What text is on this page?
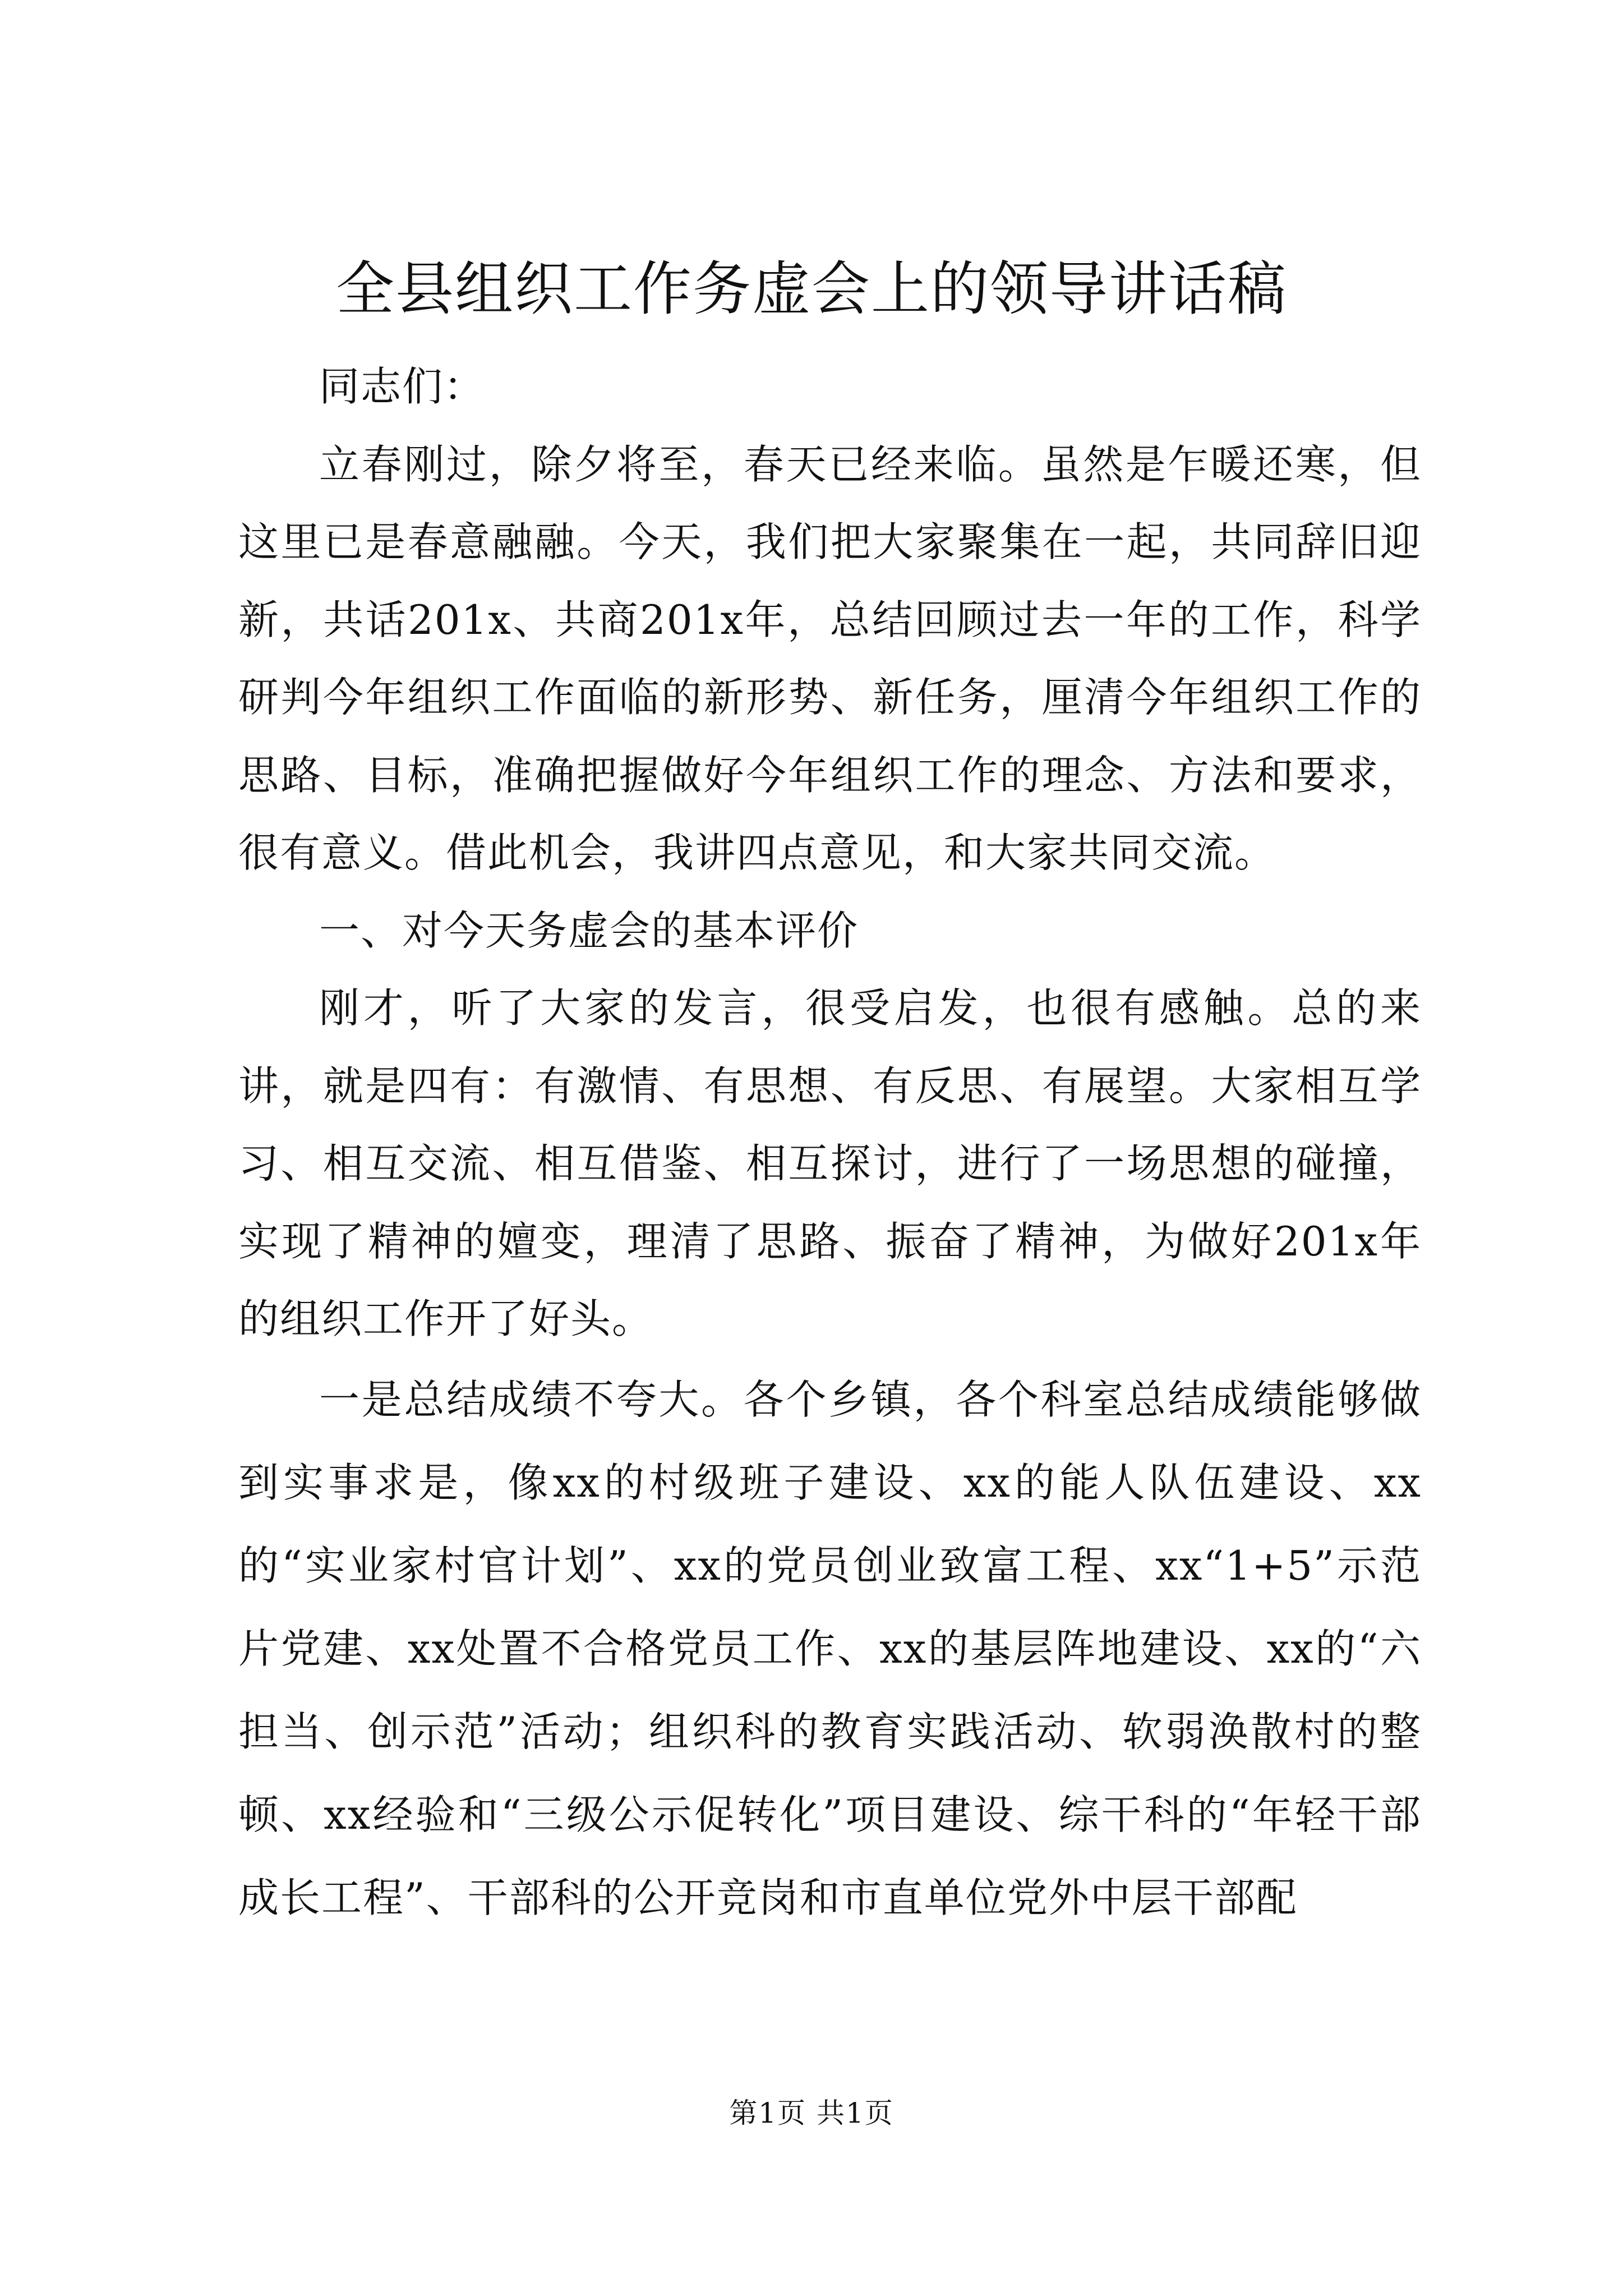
全县组织工作务虚会上的领导讲话稿

同志们：

立春刚过，除夕将至，春天已经来临。虽然是乍暖还寒，但这里已是春意融融。今天，我们把大家聚集在一起，共同辞旧迎新，共话201x、共商201x年，总结回顾过去一年的工作，科学研判今年组织工作面临的新形势、新任务，厘清今年组织工作的思路、目标，准确把握做好今年组织工作的理念、方法和要求，很有意义。借此机会，我讲四点意见，和大家共同交流。

一、对今天务虚会的基本评价

刚才，听了大家的发言，很受启发，也很有感触。总的来讲，就是四有：有激情、有思想、有反思、有展望。大家相互学习、相互交流、相互借鉴、相互探讨，进行了一场思想的碰撞，实现了精神的嬗变，理清了思路、振奋了精神，为做好201x年的组织工作开了好头。

一是总结成绩不夸大。各个乡镇，各个科室总结成绩能够做到实事求是，像xx的村级班子建设、xx的能人队伍建设、xx的“实业家村官计划”、xx的党员创业致富工程、xx“1+5”示范片党建、xx处置不合格党员工作、xx的基层阵地建设、xx的“六担当、创示范”活动；组织科的教育实践活动、软弱涣散村的整顿、xx经验和“三级公示促转化”项目建设、综干科的“年轻干部成长工程”、干部科的公开竞岗和市直单位党外中层干部配

第1页 共1页
